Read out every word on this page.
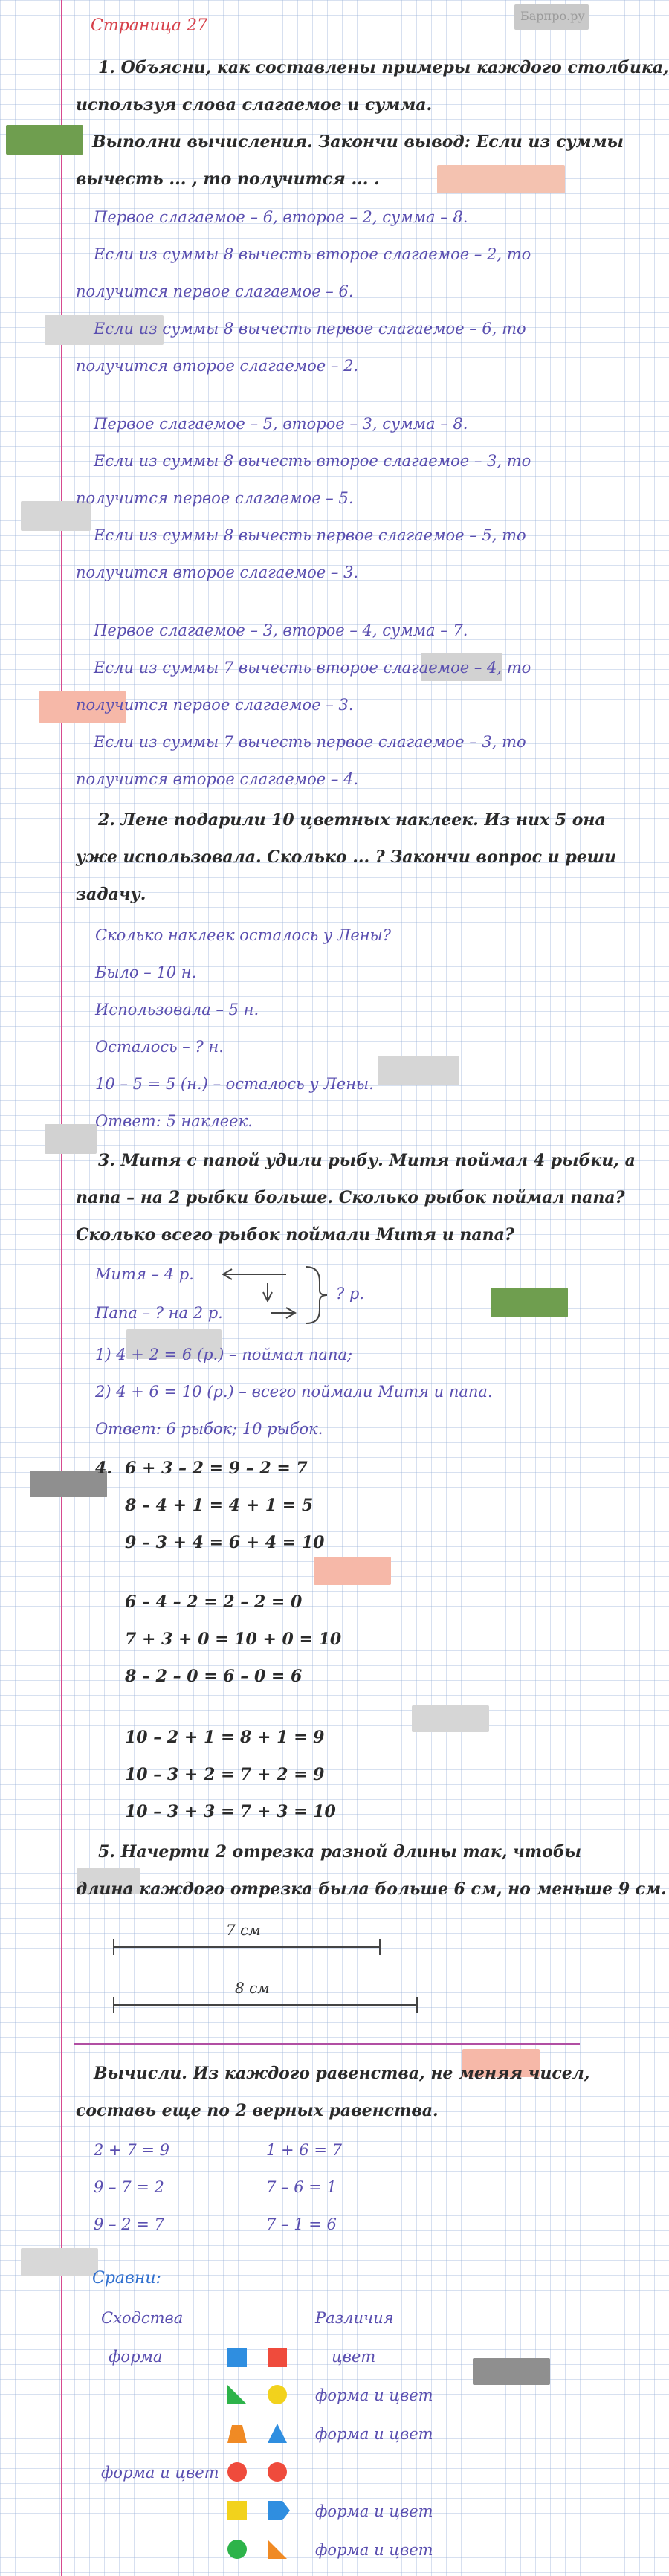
Барпро.ру
Страница 27
1. Объясни, как составлены примеры каждого столбика,
используя слова слагаемое и сумма.
Выполни вычисления. Закончи вывод: Если из суммы
вычесть ... , то получится ... .
Первое слагаемое – 6, второе – 2, сумма – 8.
Если из суммы 8 вычесть второе слагаемое – 2, то
получится первое слагаемое – 6.
Если из суммы 8 вычесть первое слагаемое – 6, то
получится второе слагаемое – 2.
Первое слагаемое – 5, второе – 3, сумма – 8.
Если из суммы 8 вычесть второе слагаемое – 3, то
получится первое слагаемое – 5.
Если из суммы 8 вычесть первое слагаемое – 5, то
получится второе слагаемое – 3.
Первое слагаемое – 3, второе – 4, сумма – 7.
Если из суммы 7 вычесть второе слагаемое – 4, то
получится первое слагаемое – 3.
Если из суммы 7 вычесть первое слагаемое – 3, то
получится второе слагаемое – 4.
2. Лене подарили 10 цветных наклеек. Из них 5 она
уже использовала. Сколько ... ? Закончи вопрос и реши
задачу.
Сколько наклеек осталось у Лены?
Было – 10 н.
Использовала – 5 н.
Осталось – ? н.
10 – 5 = 5 (н.) – осталось у Лены.
Ответ: 5 наклеек.
3. Митя с папой удили рыбу. Митя поймал 4 рыбки, а
папа – на 2 рыбки больше. Сколько рыбок поймал папа?
Сколько всего рыбок поймали Митя и папа?
Митя – 4 р.
Папа – ? на 2 р.
? р.
1) 4 + 2 = 6 (р.) – поймал папа;
2) 4 + 6 = 10 (р.) – всего поймали Митя и папа.
Ответ: 6 рыбок; 10 рыбок.
4. 6 + 3 – 2 = 9 – 2 = 7
8 – 4 + 1 = 4 + 1 = 5
9 – 3 + 4 = 6 + 4 = 10
6 – 4 – 2 = 2 – 2 = 0
7 + 3 + 0 = 10 + 0 = 10
8 – 2 – 0 = 6 – 0 = 6
10 – 2 + 1 = 8 + 1 = 9
10 – 3 + 2 = 7 + 2 = 9
10 – 3 + 3 = 7 + 3 = 10
5. Начерти 2 отрезка разной длины так, чтобы
длина каждого отрезка была больше 6 см, но меньше 9 см.
7 см
8 см
Вычисли. Из каждого равенства, не меняя чисел,
составь еще по 2 верных равенства.
2 + 7 = 9
9 – 7 = 2
9 – 2 = 7
1 + 6 = 7
7 – 6 = 1
7 – 1 = 6
Сравни:
Сходства	Различия
форма	цвет
форма и цвет
форма и цвет
форма и цвет
форма и цвет
форма и цвет
